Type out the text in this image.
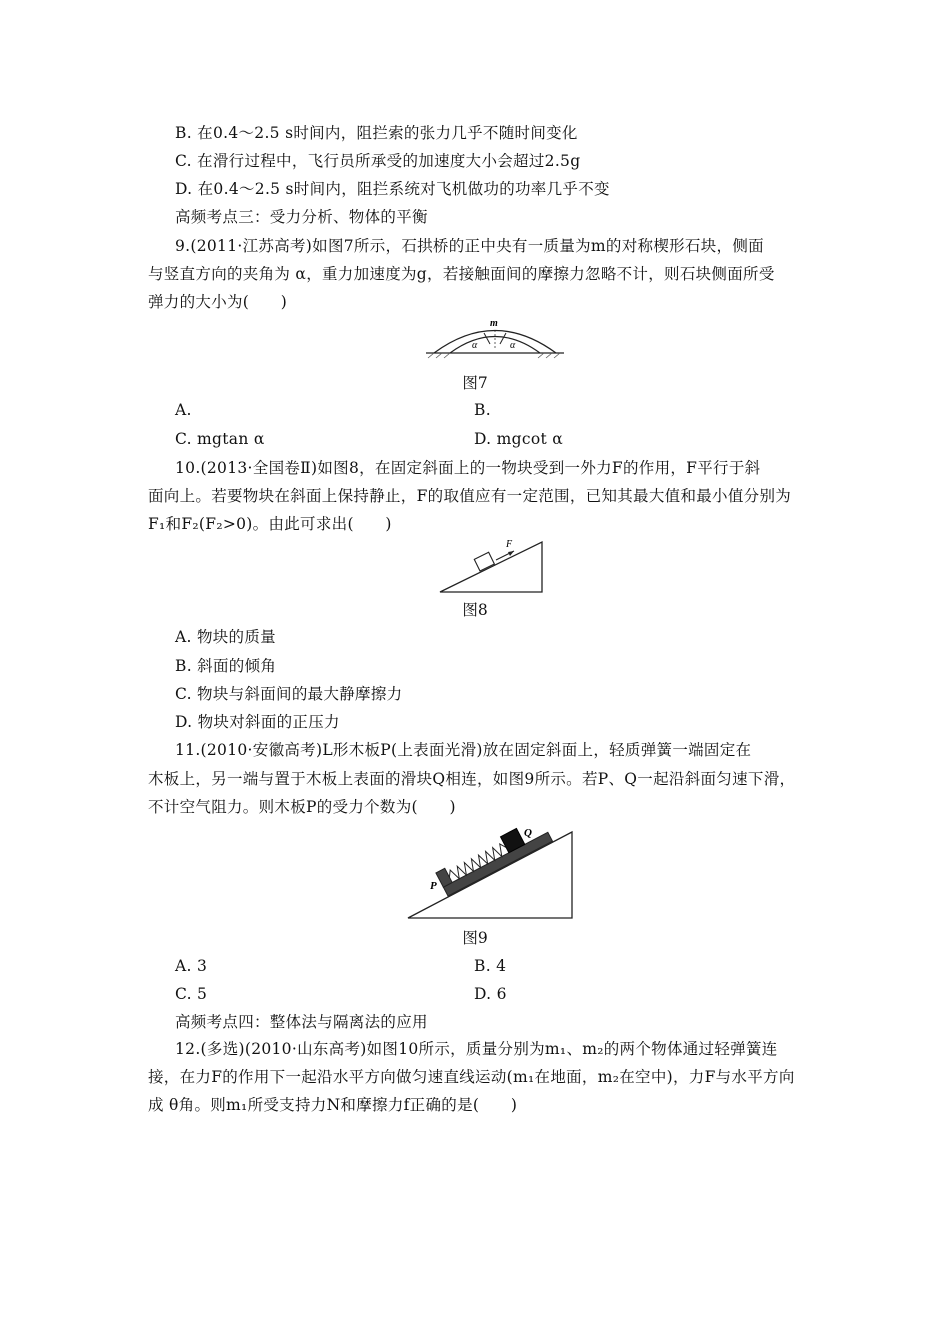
B. 在0.4～2.5 s时间内，阻拦索的张力几乎不随时间变化
C. 在滑行过程中，飞行员所承受的加速度大小会超过2.5g
D. 在0.4～2.5 s时间内，阻拦系统对飞机做功的功率几乎不变
高频考点三：受力分析、物体的平衡
9.(2011·江苏高考)如图7所示，石拱桥的正中央有一质量为m的对称楔形石块，侧面
与竖直方向的夹角为 α，重力加速度为g，若接触面间的摩擦力忽略不计，则石块侧面所受
弹力的大小为(　　)
m
α	α
图7
A.	B.
C. mgtan α	D. mgcot α
10.(2013·全国卷Ⅱ)如图8，在固定斜面上的一物块受到一外力F的作用，F平行于斜
面向上。若要物块在斜面上保持静止，F的取值应有一定范围，已知其最大值和最小值分别为
F₁和F₂(F₂>0)。由此可求出(　　)
F
图8
A. 物块的质量
B. 斜面的倾角
C. 物块与斜面间的最大静摩擦力
D. 物块对斜面的正压力
11.(2010·安徽高考)L形木板P(上表面光滑)放在固定斜面上，轻质弹簧一端固定在
木板上，另一端与置于木板上表面的滑块Q相连，如图9所示。若P、Q一起沿斜面匀速下滑，
不计空气阻力。则木板P的受力个数为(　　)
P
Q
图9
A. 3	B. 4
C. 5	D. 6
高频考点四：整体法与隔离法的应用
12.(多选)(2010·山东高考)如图10所示，质量分别为m₁、m₂的两个物体通过轻弹簧连
接，在力F的作用下一起沿水平方向做匀速直线运动(m₁在地面，m₂在空中)，力F与水平方向
成 θ角。则m₁所受支持力N和摩擦力f正确的是(　　)
